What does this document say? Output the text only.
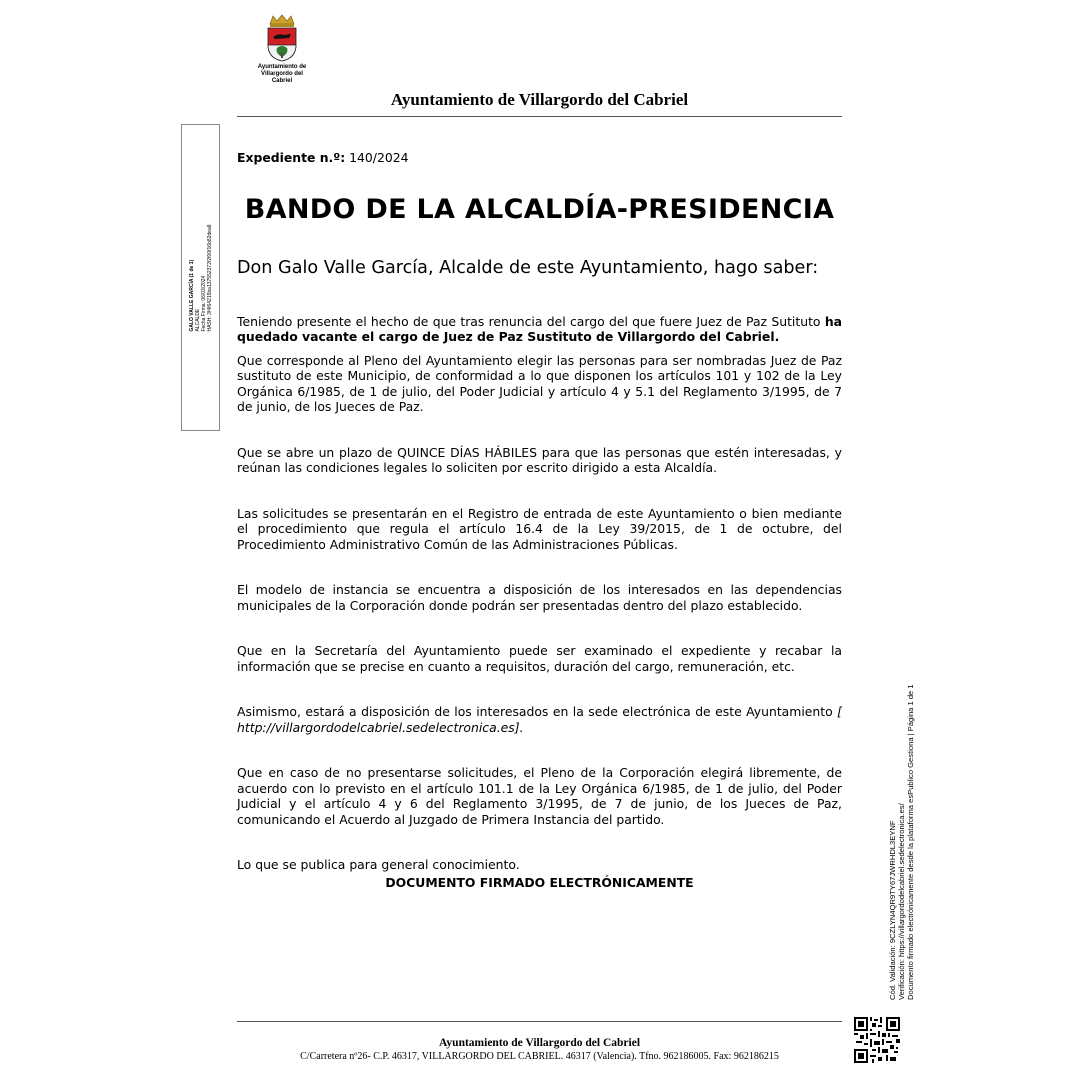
Ayuntamiento de
Villargordo del Cabriel
Ayuntamiento de Villargordo del Cabriel
GALO VALLE GARCÍA (1 de 1) ALCALDE Fecha Firma: 06/03/2024 HASH: 3f4f64215ba137552372f2f00f16b82dea8

Expediente n.º: 140/2024

BANDO DE LA ALCALDÍA-PRESIDENCIA

Don Galo Valle García, Alcalde de este Ayuntamiento, hago saber:

Teniendo presente el hecho de que tras renuncia del cargo del que fuere Juez de Paz Sutituto ha quedado vacante el cargo de Juez de Paz Sustituto de Villargordo del Cabriel.

Que corresponde al Pleno del Ayuntamiento elegir las personas para ser nombradas Juez de Paz sustituto de este Municipio, de conformidad a lo que disponen los artículos 101 y 102 de la Ley Orgánica 6/1985, de 1 de julio, del Poder Judicial y artículo 4 y 5.1 del Reglamento 3/1995, de 7 de junio, de los Jueces de Paz.

Que se abre un plazo de QUINCE DÍAS HÁBILES para que las personas que estén interesadas, y reúnan las condiciones legales lo soliciten por escrito dirigido a esta Alcaldía.

Las solicitudes se presentarán en el Registro de entrada de este Ayuntamiento o bien mediante el procedimiento que regula el artículo 16.4 de la Ley 39/2015, de 1 de octubre, del Procedimiento Administrativo Común de las Administraciones Públicas.

El modelo de instancia se encuentra a disposición de los interesados en las dependencias municipales de la Corporación donde podrán ser presentadas dentro del plazo establecido.

Que en la Secretaría del Ayuntamiento puede ser examinado el expediente y recabar la información que se precise en cuanto a requisitos, duración del cargo, remuneración, etc.

Asimismo, estará a disposición de los interesados en la sede electrónica de este Ayuntamiento [ http://villargordodelcabriel.sedelectronica.es].

Que en caso de no presentarse solicitudes, el Pleno de la Corporación elegirá libremente, de acuerdo con lo previsto en el artículo 101.1 de la Ley Orgánica 6/1985, de 1 de julio, del Poder Judicial y el artículo 4 y 6 del Reglamento 3/1995, de 7 de junio, de los Jueces de Paz, comunicando el Acuerdo al Juzgado de Primera Instancia del partido.

Lo que se publica para general conocimiento.

DOCUMENTO FIRMADO ELECTRÓNICAMENTE

Ayuntamiento de Villargordo del Cabriel
C/Carretera nº26- C.P. 46317, VILLARGORDO DEL CABRIEL. 46317 (Valencia). Tfno. 962186005. Fax: 962186215
Cód. Validación: 9CZLYN4QR9TY67JWRHDL3EYNF Verificación: https://villargordodelcabriel.sedelectronica.es/ Documento firmado electrónicamente desde la plataforma esPublico Gestiona | Página 1 de 1
